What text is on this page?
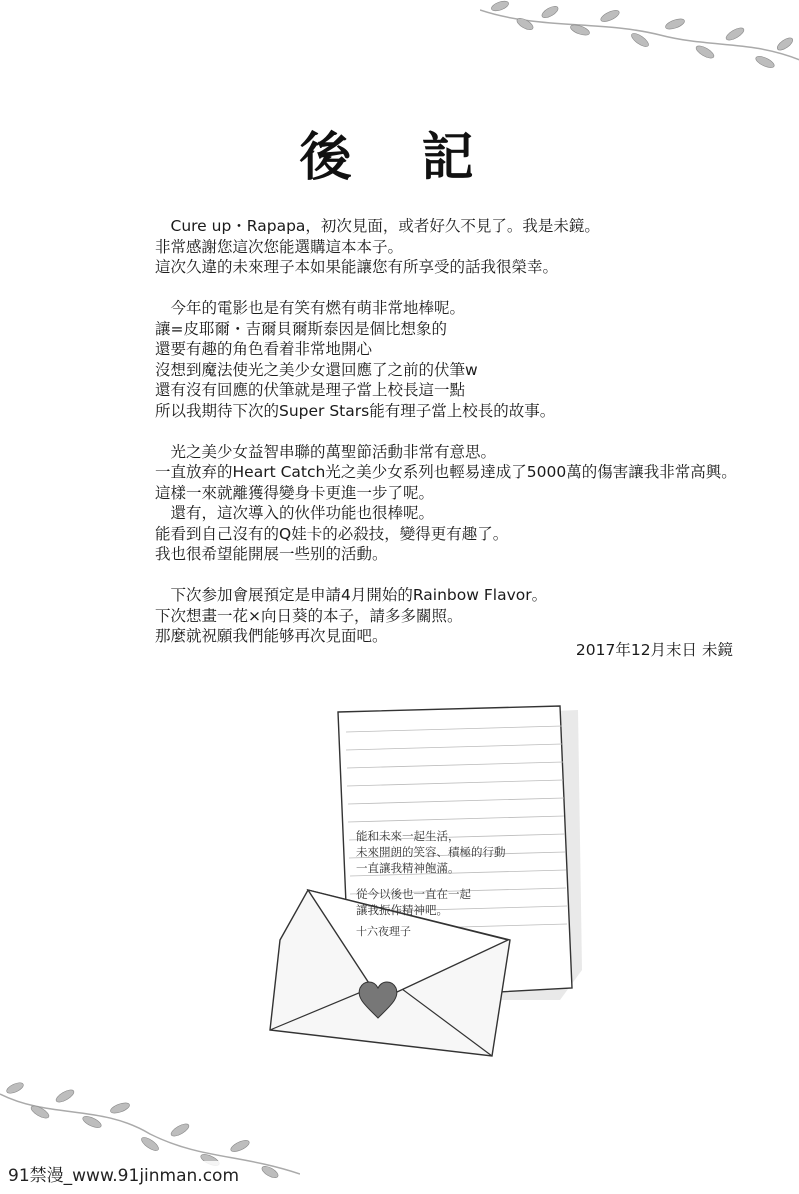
後 記
　Cure up・Rapapa，初次見面，或者好久不見了。我是未鏡。
非常感謝您這次您能選購這本本子。
這次久違的未來理子本如果能讓您有所享受的話我很榮幸。
　今年的電影也是有笑有燃有萌非常地棒呢。
讓=皮耶爾・吉爾貝爾斯泰因是個比想象的
還要有趣的角色看着非常地開心
沒想到魔法使光之美少女還回應了之前的伏筆w
還有沒有回應的伏筆就是理子當上校長這一點
所以我期待下次的Super Stars能有理子當上校長的故事。
　光之美少女益智串聯的萬聖節活動非常有意思。
一直放弃的Heart Catch光之美少女系列也輕易達成了5000萬的傷害讓我非常高興。
這樣一來就離獲得變身卡更進一步了呢。
　還有，這次導入的伙伴功能也很棒呢。
能看到自己沒有的Q娃卡的必殺技，變得更有趣了。
我也很希望能開展一些别的活動。
　下次参加會展預定是申請4月開始的Rainbow Flavor。
下次想畫一花×向日葵的本子，請多多關照。
那麼就祝願我們能够再次見面吧。
2017年12月末日 未鏡
能和未來一起生活，
未來開朗的笑容、積極的行動
一直讓我精神飽滿。
從今以後也一直在一起
讓我振作精神吧。
十六夜理子
91禁漫_www.91jinman.com
